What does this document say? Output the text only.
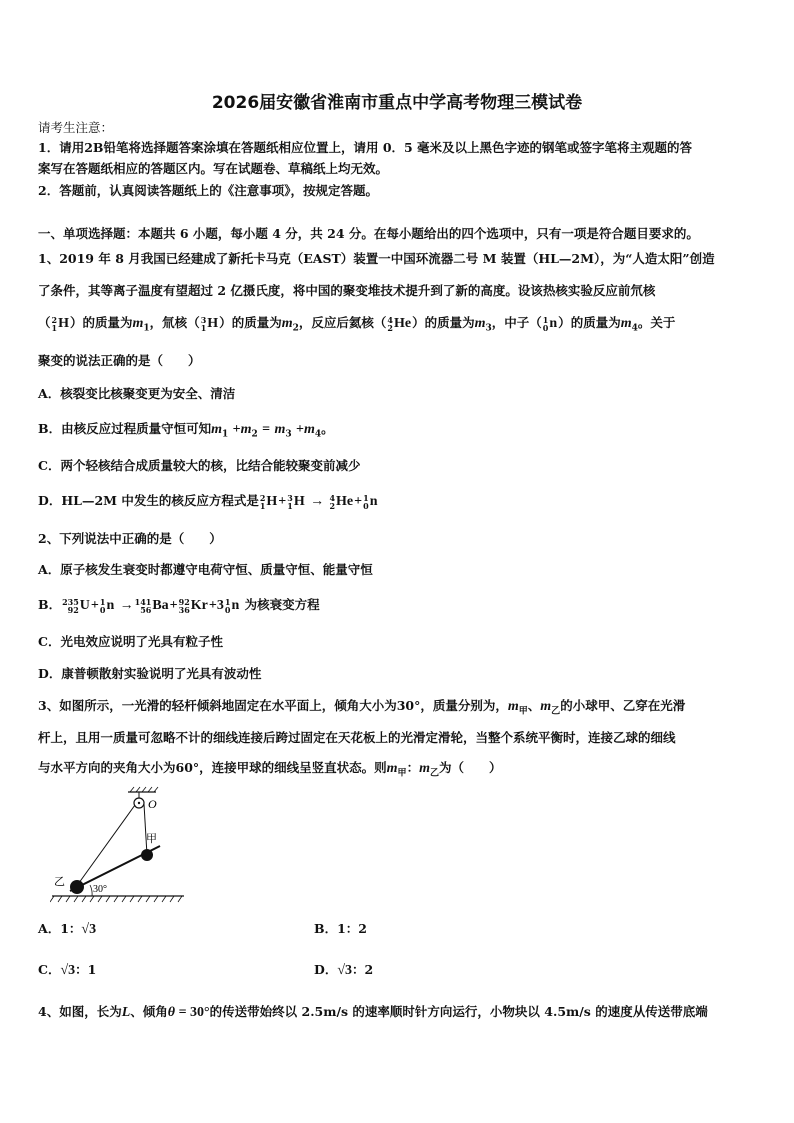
2026届安徽省淮南市重点中学高考物理三模试卷
请考生注意：
1．请用2B铅笔将选择题答案涂填在答题纸相应位置上，请用 0．5 毫米及以上黑色字迹的钢笔或签字笔将主观题的答
案写在答题纸相应的答题区内。写在试题卷、草稿纸上均无效。
2．答题前，认真阅读答题纸上的《注意事项》，按规定答题。
一、单项选择题：本题共 6 小题，每小题 4 分，共 24 分。在每小题给出的四个选项中，只有一项是符合题目要求的。
1、2019 年 8 月我国已经建成了新托卡马克（EAST）装置一中国环流器二号 M 装置（HL—2M），为“人造太阳”创造
了条件，其等离子温度有望超过 2 亿摄氏度，将中国的聚变堆技术提升到了新的高度。设该热核实验反应前氘核
（ 2
1 H）的质量为$m_1$，氚核（ 3
1 H）的质量为$m_2$，反应后氦核（ 4
2 He）的质量为$m_3$，中子（ 1
0 n）的质量为$m_4$。关于
聚变的说法正确的是（　　）
A．核裂变比核聚变更为安全、清洁
B．由核反应过程质量守恒可知$m_1 +m_2 = m_3 +m_4$。
C．两个轻核结合成质量较大的核，比结合能较聚变前减少
D．HL—2M 中发生的核反应方程式是 2
1 H+ 3
1 H → 4
2 He+ 1
0 n
2、下列说法中正确的是（　　）
A．原子核发生衰变时都遵守电荷守恒、质量守恒、能量守恒
B． 235
92 U+ 1
0 n → 141
56 Ba+ 92
36 Kr+3 1
0 n 为核衰变方程
C．光电效应说明了光具有粒子性
D．康普顿散射实验说明了光具有波动性
3、如图所示，一光滑的轻杆倾斜地固定在水平面上，倾角大小为30°，质量分别为，$m_甲$、$m_乙$的小球甲、乙穿在光滑
杆上，且用一质量可忽略不计的细线连接后跨过固定在天花板上的光滑定滑轮，当整个系统平衡时，连接乙球的细线
与水平方向的夹角大小为60°，连接甲球的细线呈竖直状态。则$m_甲$：$m_乙$为（　　）
O
甲
乙
30°
A．1：√3	B．1：2
C．√3：1	D．√3：2
4、如图，长为L、倾角θ = 30°的传送带始终以 2.5m/s 的速率顺时针方向运行，小物块以 4.5m/s 的速度从传送带底端
